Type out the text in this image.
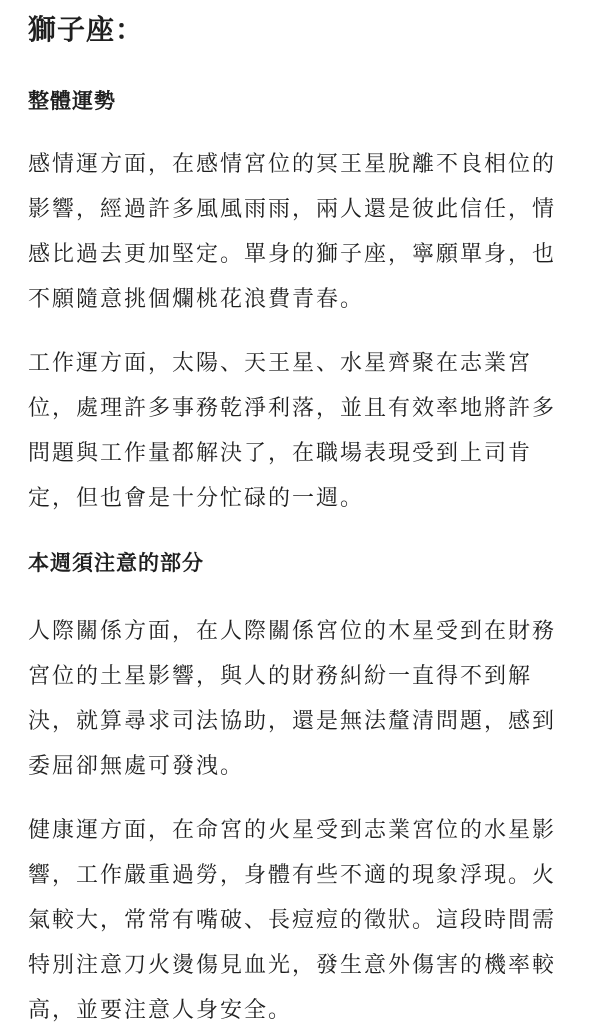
獅子座：
整體運勢

感情運方面，在感情宮位的冥王星脫離不良相位的
影響，經過許多風風雨雨，兩人還是彼此信任，情
感比過去更加堅定。單身的獅子座，寧願單身，也
不願隨意挑個爛桃花浪費青春。

工作運方面，太陽、天王星、水星齊聚在志業宮
位，處理許多事務乾淨利落，並且有效率地將許多
問題與工作量都解決了，在職場表現受到上司肯
定，但也會是十分忙碌的一週。

本週須注意的部分

人際關係方面，在人際關係宮位的木星受到在財務
宮位的土星影響，與人的財務糾紛一直得不到解
決，就算尋求司法協助，還是無法釐清問題，感到
委屈卻無處可發洩。

健康運方面，在命宮的火星受到志業宮位的水星影
響，工作嚴重過勞，身體有些不適的現象浮現。火
氣較大，常常有嘴破、長痘痘的徵狀。這段時間需
特別注意刀火燙傷見血光，發生意外傷害的機率較
高，並要注意人身安全。
